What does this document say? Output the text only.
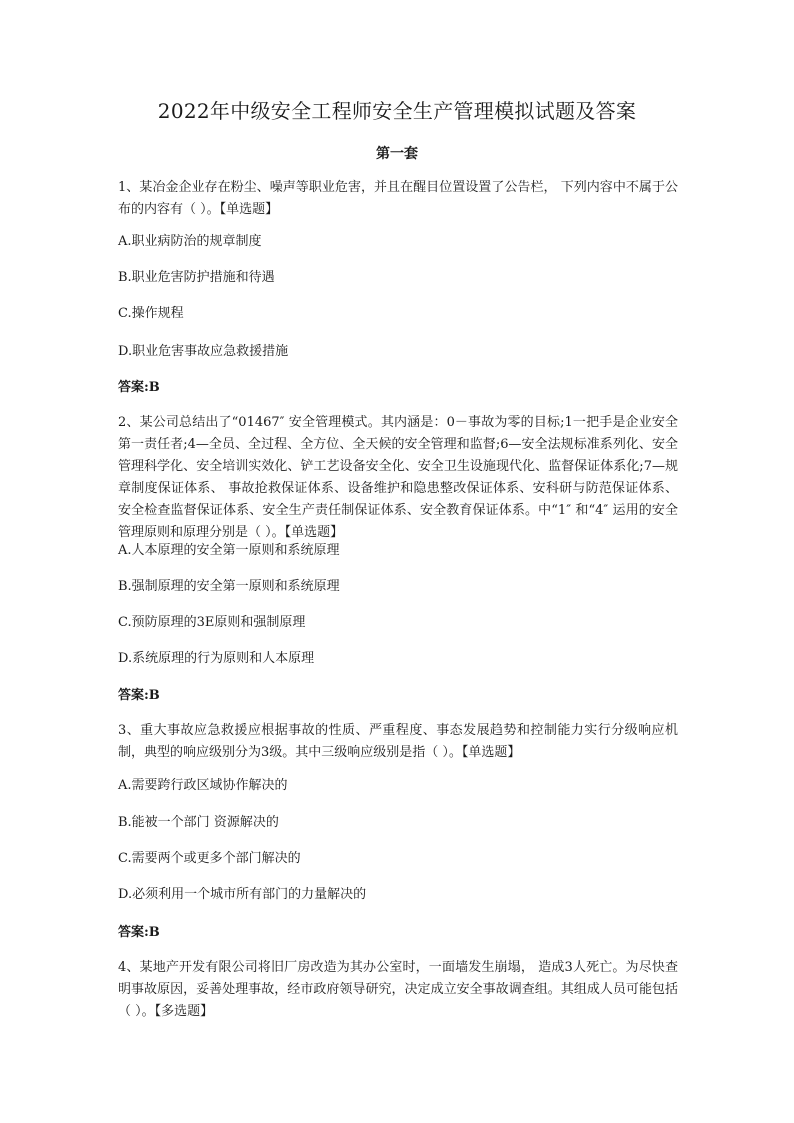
2022年中级安全工程师安全生产管理模拟试题及答案
第一套

1、某冶金企业存在粉尘、噪声等职业危害，并且在醒目位置设置了公告栏， 下列内容中不属于公布的内容有（ ）。【单选题】

A.职业病防治的规章制度

B.职业危害防护措施和待遇

C.操作规程

D.职业危害事故应急救援措施

答案:B

2、某公司总结出了“01467″ 安全管理模式。其内涵是：0－事故为零的目标;1一把手是企业安全第一责任者;4—全员、全过程、全方位、全天候的安全管理和监督;6—安全法规标准系列化、安全管理科学化、安全培训实效化、铲工艺设备安全化、安全卫生设施现代化、监督保证体系化;7—规章制度保证体系、 事故抢救保证体系、设备维护和隐患整改保证体系、安科研与防范保证体系、安全检查监督保证体系、安全生产责任制保证体系、安全教育保证体系。中“1″ 和“4″ 运用的安全管理原则和原理分别是（ ）。【单选题】

A.人本原理的安全第一原则和系统原理

B.强制原理的安全第一原则和系统原理

C.预防原理的3E原则和强制原理

D.系统原理的行为原则和人本原理

答案:B

3、重大事故应急救援应根据事故的性质、严重程度、事态发展趋势和控制能力实行分级响应机制，典型的响应级别分为3级。其中三级响应级别是指（ ）。【单选题】

A.需要跨行政区域协作解决的

B.能被一个部门 资源解决的

C.需要两个或更多个部门解决的

D.必须利用一个城市所有部门的力量解决的

答案:B

4、某地产开发有限公司将旧厂房改造为其办公室时，一面墙发生崩塌， 造成3人死亡。为尽快查明事故原因，妥善处理事故，经市政府领导研究，决定成立安全事故调查组。其组成人员可能包括（ ）。【多选题】
